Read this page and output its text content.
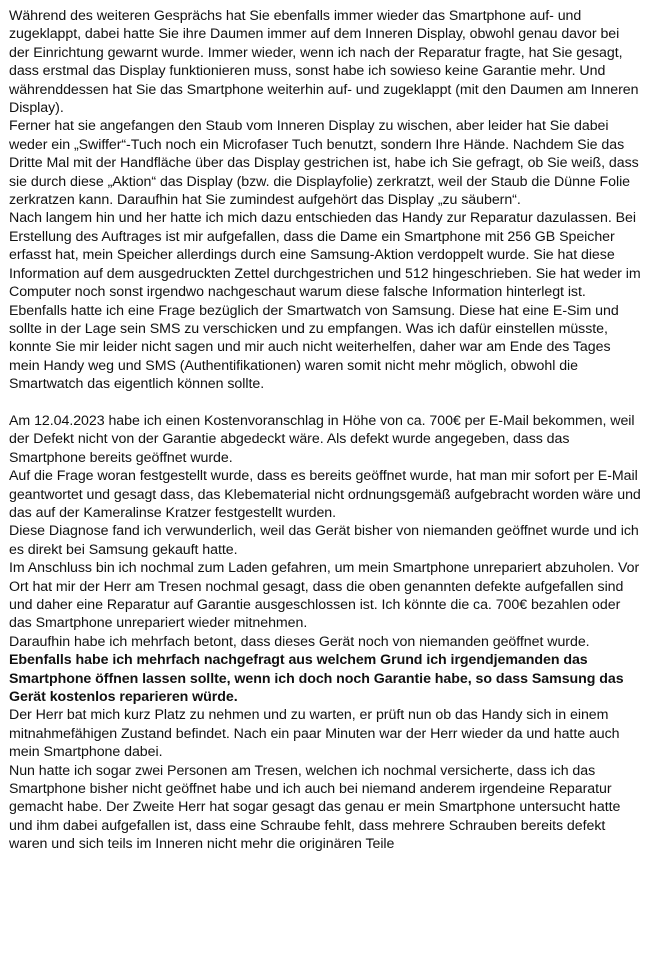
Während des weiteren Gesprächs hat Sie ebenfalls immer wieder das Smartphone auf- und zugeklappt, dabei hatte Sie ihre Daumen immer auf dem Inneren Display, obwohl genau davor bei der Einrichtung gewarnt wurde. Immer wieder, wenn ich nach der Reparatur fragte, hat Sie gesagt, dass erstmal das Display funktionieren muss, sonst habe ich sowieso keine Garantie mehr. Und währenddessen hat Sie das Smartphone weiterhin auf- und zugeklappt (mit den Daumen am Inneren Display).

Ferner hat sie angefangen den Staub vom Inneren Display zu wischen, aber leider hat Sie dabei weder ein „Swiffer“-Tuch noch ein Microfaser Tuch benutzt, sondern Ihre Hände. Nachdem Sie das Dritte Mal mit der Handfläche über das Display gestrichen ist, habe ich Sie gefragt, ob Sie weiß, dass sie durch diese „Aktion“ das Display (bzw. die Displayfolie) zerkratzt, weil der Staub die Dünne Folie zerkratzen kann. Daraufhin hat Sie zumindest aufgehört das Display „zu säubern“.

Nach langem hin und her hatte ich mich dazu entschieden das Handy zur Reparatur dazulassen. Bei Erstellung des Auftrages ist mir aufgefallen, dass die Dame ein Smartphone mit 256 GB Speicher erfasst hat, mein Speicher allerdings durch eine Samsung-Aktion verdoppelt wurde. Sie hat diese Information auf dem ausgedruckten Zettel durchgestrichen und 512 hingeschrieben. Sie hat weder im Computer noch sonst irgendwo nachgeschaut warum diese falsche Information hinterlegt ist.

Ebenfalls hatte ich eine Frage bezüglich der Smartwatch von Samsung. Diese hat eine E-Sim und sollte in der Lage sein SMS zu verschicken und zu empfangen. Was ich dafür einstellen müsste, konnte Sie mir leider nicht sagen und mir auch nicht weiterhelfen, daher war am Ende des Tages mein Handy weg und SMS (Authentifikationen) waren somit nicht mehr möglich, obwohl die Smartwatch das eigentlich können sollte.

Am 12.04.2023 habe ich einen Kostenvoranschlag in Höhe von ca. 700€ per E-Mail bekommen, weil der Defekt nicht von der Garantie abgedeckt wäre. Als defekt wurde angegeben, dass das Smartphone bereits geöffnet wurde.

Auf die Frage woran festgestellt wurde, dass es bereits geöffnet wurde, hat man mir sofort per E-Mail geantwortet und gesagt dass, das Klebematerial nicht ordnungsgemäß aufgebracht worden wäre und das auf der Kameralinse Kratzer festgestellt wurden.

Diese Diagnose fand ich verwunderlich, weil das Gerät bisher von niemanden geöffnet wurde und ich es direkt bei Samsung gekauft hatte.

Im Anschluss bin ich nochmal zum Laden gefahren, um mein Smartphone unrepariert abzuholen. Vor Ort hat mir der Herr am Tresen nochmal gesagt, dass die oben genannten defekte aufgefallen sind und daher eine Reparatur auf Garantie ausgeschlossen ist. Ich könnte die ca. 700€ bezahlen oder das Smartphone unrepariert wieder mitnehmen.

Daraufhin habe ich mehrfach betont, dass dieses Gerät noch von niemanden geöffnet wurde.

Ebenfalls habe ich mehrfach nachgefragt aus welchem Grund ich irgendjemanden das Smartphone öffnen lassen sollte, wenn ich doch noch Garantie habe, so dass Samsung das Gerät kostenlos reparieren würde.

Der Herr bat mich kurz Platz zu nehmen und zu warten, er prüft nun ob das Handy sich in einem mitnahmefähigen Zustand befindet. Nach ein paar Minuten war der Herr wieder da und hatte auch mein Smartphone dabei.

Nun hatte ich sogar zwei Personen am Tresen, welchen ich nochmal versicherte, dass ich das Smartphone bisher nicht geöffnet habe und ich auch bei niemand anderem irgendeine Reparatur gemacht habe. Der Zweite Herr hat sogar gesagt das genau er mein Smartphone untersucht hatte und ihm dabei aufgefallen ist, dass eine Schraube fehlt, dass mehrere Schrauben bereits defekt waren und sich teils im Inneren nicht mehr die originären Teile
